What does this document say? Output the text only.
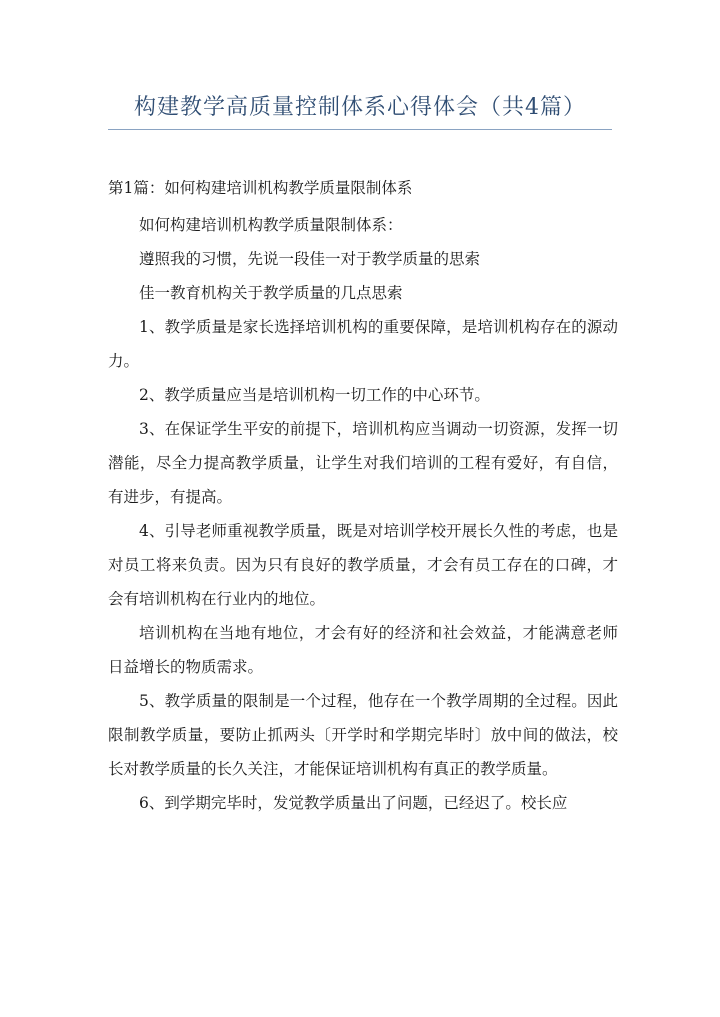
构建教学高质量控制体系心得体会（共4篇）
第1篇：如何构建培训机构教学质量限制体系

如何构建培训机构教学质量限制体系：

遵照我的习惯，先说一段佳一对于教学质量的思索

佳一教育机构关于教学质量的几点思索

1、教学质量是家长选择培训机构的重要保障，是培训机构存在的源动力。

2、教学质量应当是培训机构一切工作的中心环节。

3、在保证学生平安的前提下，培训机构应当调动一切资源，发挥一切潜能，尽全力提高教学质量，让学生对我们培训的工程有爱好，有自信，有进步，有提高。

4、引导老师重视教学质量，既是对培训学校开展长久性的考虑，也是对员工将来负责。因为只有良好的教学质量，才会有员工存在的口碑，才会有培训机构在行业内的地位。

培训机构在当地有地位，才会有好的经济和社会效益，才能满意老师日益增长的物质需求。

5、教学质量的限制是一个过程，他存在一个教学周期的全过程。因此限制教学质量，要防止抓两头〔开学时和学期完毕时〕放中间的做法，校长对教学质量的长久关注，才能保证培训机构有真正的教学质量。

6、到学期完毕时，发觉教学质量出了问题，已经迟了。校长应
